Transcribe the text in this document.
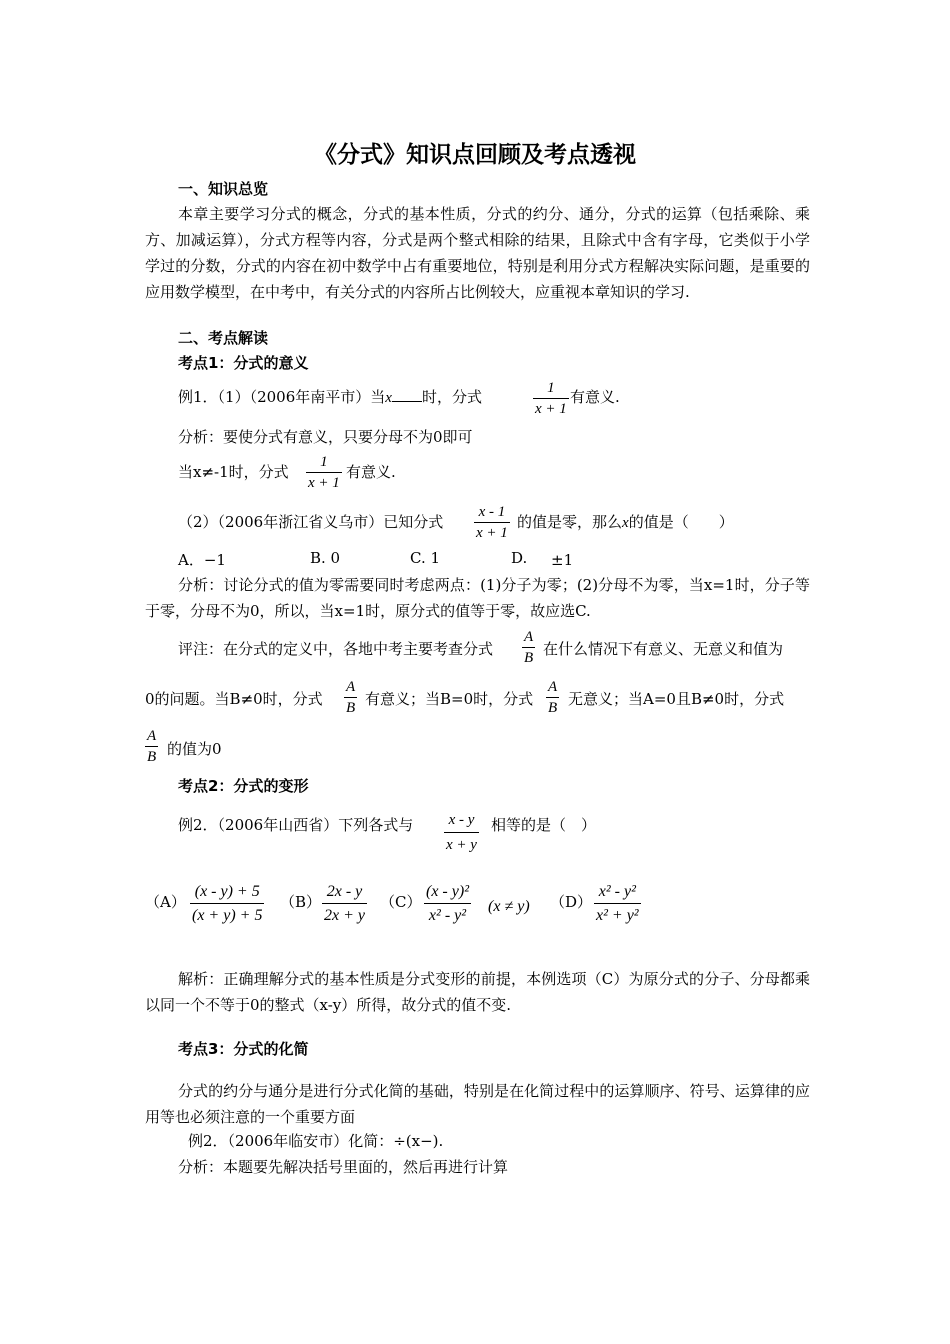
《分式》知识点回顾及考点透视
一、知识总览
本章主要学习分式的概念，分式的基本性质，分式的约分、通分，分式的运算（包括乘除、乘方、加减运算），分式方程等内容，分式是两个整式相除的结果，且除式中含有字母，它类似于小学学过的分数，分式的内容在初中数学中占有重要地位，特别是利用分式方程解决实际问题，是重要的应用数学模型，在中考中，有关分式的内容所占比例较大，应重视本章知识的学习.
二、考点解读
考点1：分式的意义
例1．（1）（2006年南平市）当x 时，分式	$\frac{1}{x + 1}$ 有意义.
分析：要使分式有意义，只要分母不为0即可
当x≠-1时，分式 $\frac{1}{x + 1}$ 有意义.
（2）（2006年浙江省义乌市）已知分式 $\frac{x - 1}{x + 1}$ 的值是零，那么x的值是（　　）
A．−1	B. 0	C. 1	D. ±1
分析：讨论分式的值为零需要同时考虑两点：(1)分子为零；(2)分母不为零，当x=1时，分子等于零，分母不为0，所以，当x=1时，原分式的值等于零，故应选C.
评注：在分式的定义中，各地中考主要考查分式 $\frac{A}{B}$ 在什么情况下有意义、无意义和值为
0的问题。当B≠0时，分式 $\frac{A}{B}$ 有意义；当B=0时，分式 $\frac{A}{B}$ 无意义；当A=0且B≠0时，分式
$\frac{A}{B}$ 的值为0
考点2：分式的变形
例2．（2006年山西省）下列各式与 $\frac{x - y}{x + y}$ 相等的是（　）
$(A) \frac{(x - y) + 5}{(x + y) + 5} (B) \frac{2x - y}{2x + y} (C) \frac{\text{(x - y)²}}{\text{x² - y²}} (x \ne y)$ $(D) \frac{\text{x² - y²}}{\text{x² + y²}}$
解析：正确理解分式的基本性质是分式变形的前提，本例选项（C）为原分式的分子、分母都乘以同一个不等于0的整式（x-y）所得，故分式的值不变.
考点3：分式的化简
分式的约分与通分是进行分式化简的基础，特别是在化简过程中的运算顺序、符号、运算律的应用等也必须注意的一个重要方面
例2．（2006年临安市）化简：÷(x−).
分析：本题要先解决括号里面的，然后再进行计算
